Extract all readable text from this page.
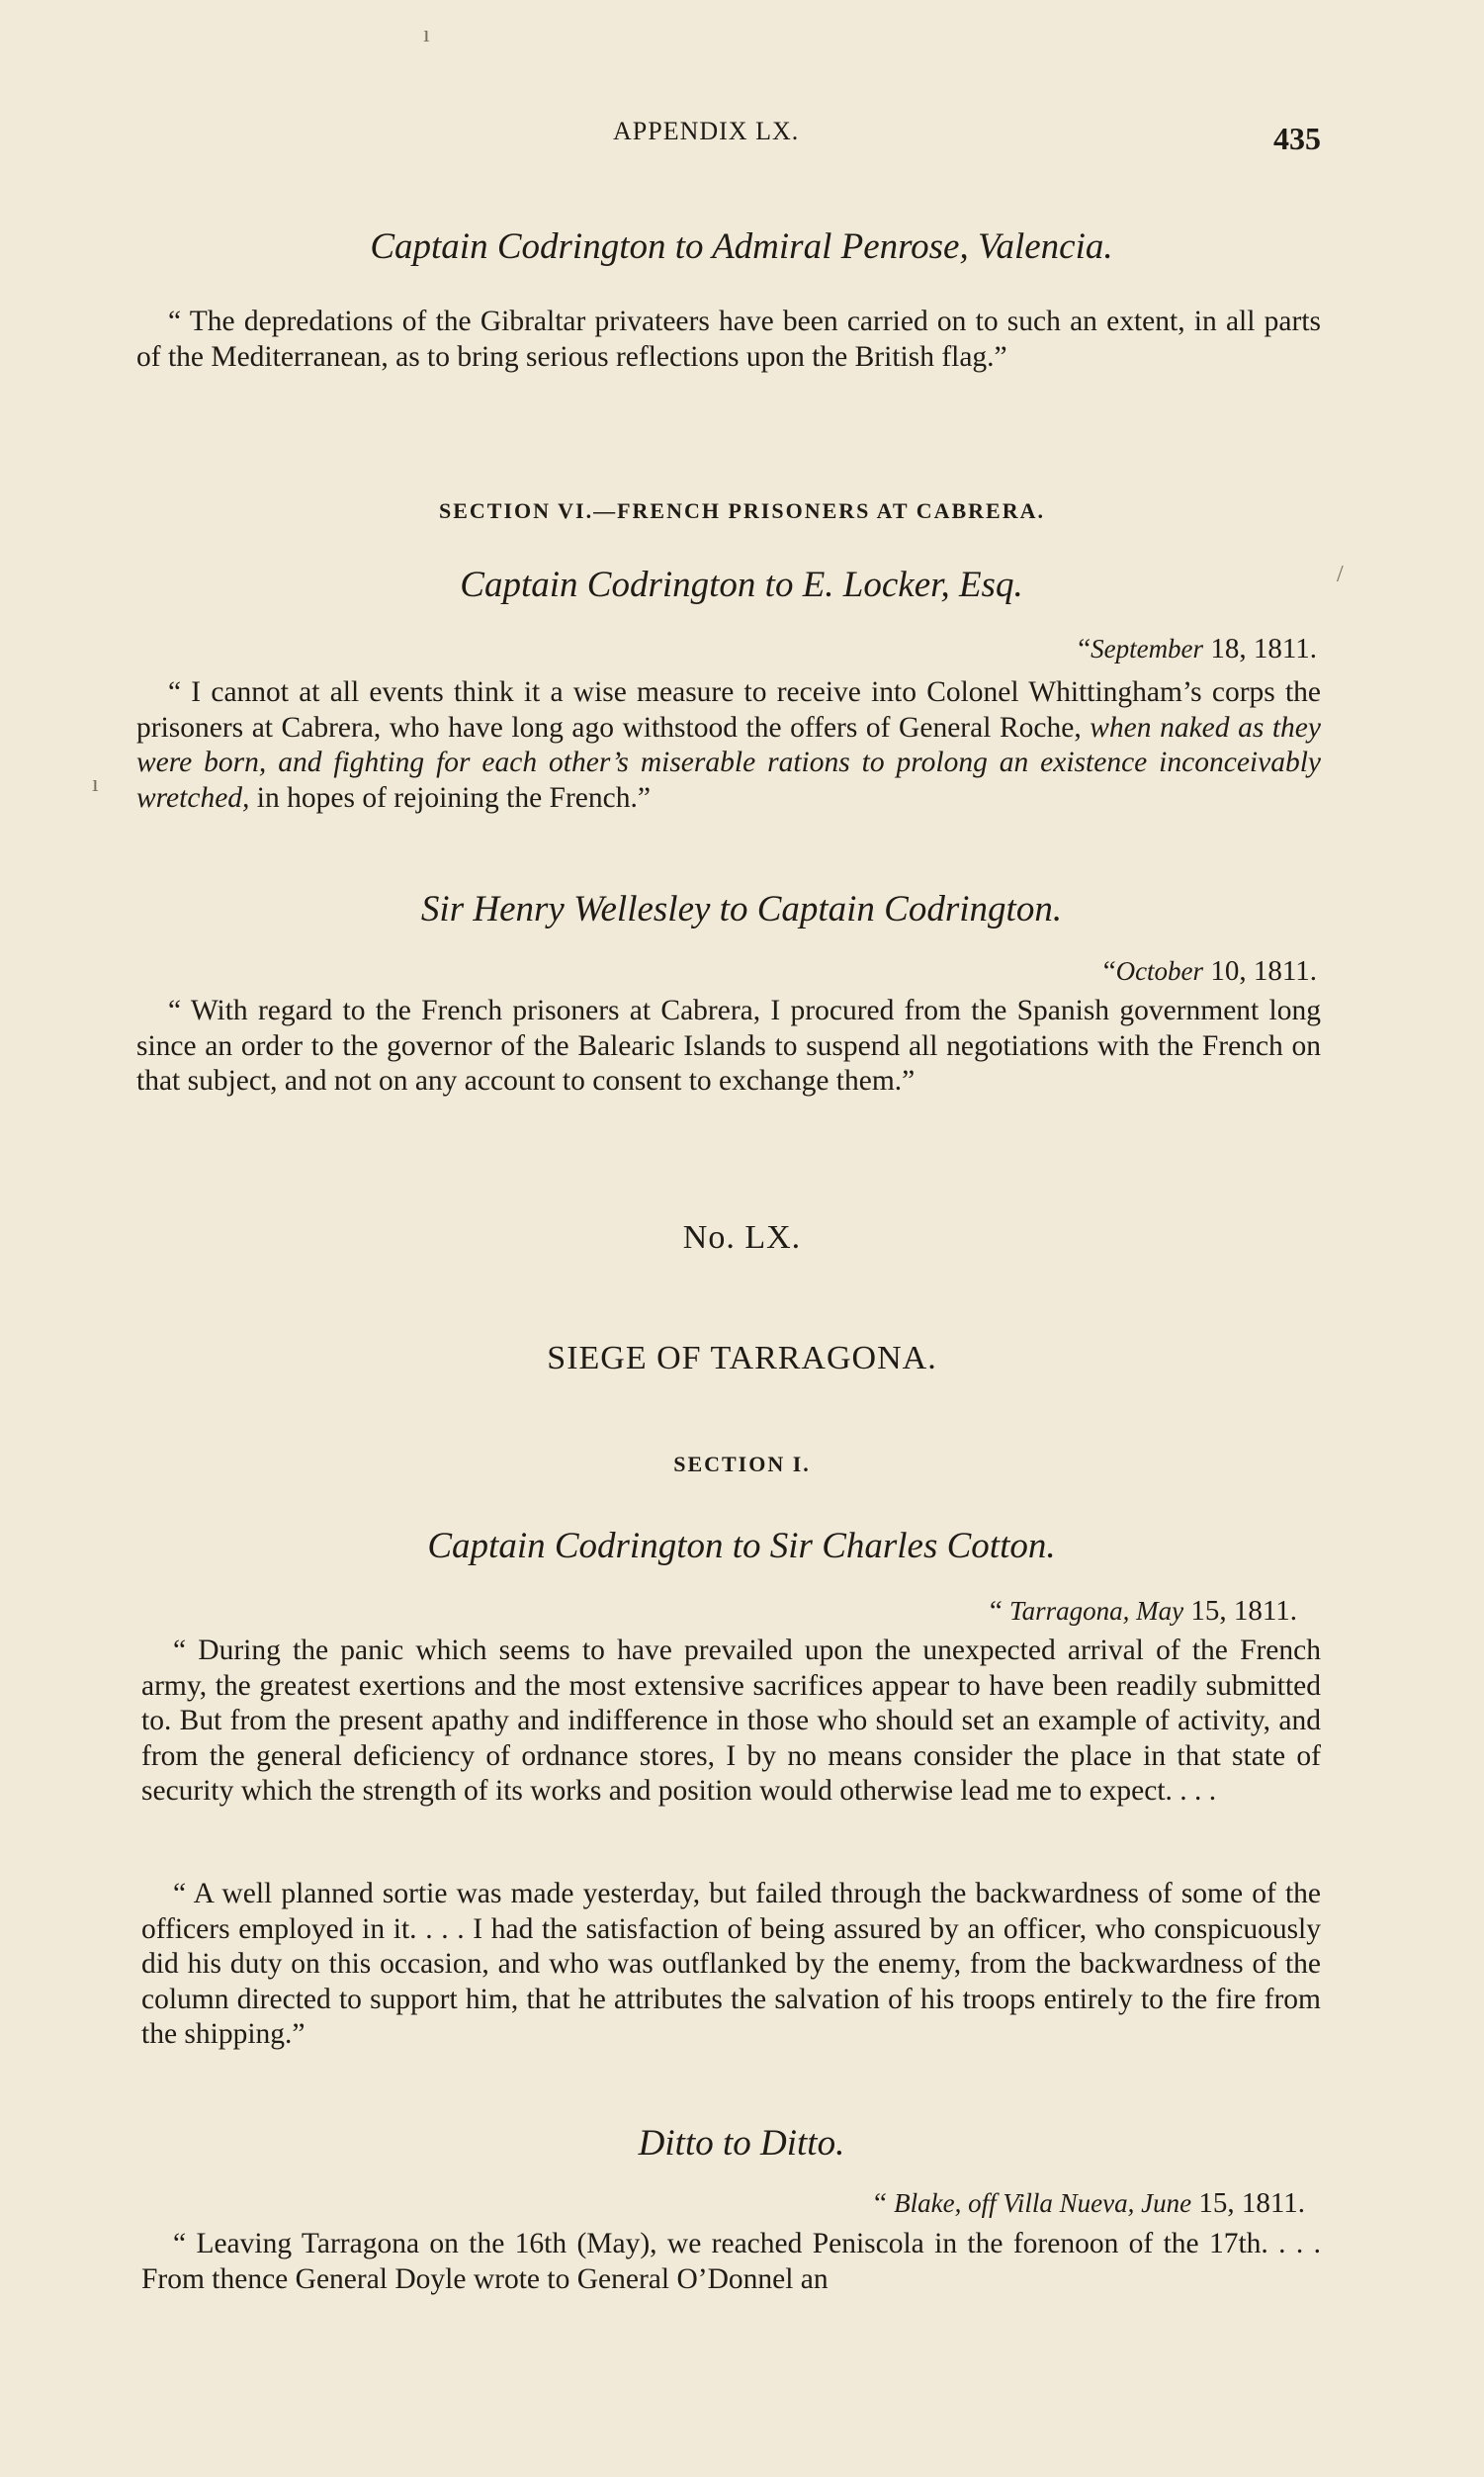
ı
/
ı
APPENDIX LX.	435

Captain Codrington to Admiral Penrose, Valencia.

“ The depredations of the Gibraltar privateers have been carried on to such an extent, in all parts of the Mediterranean, as to bring serious reflections upon the British flag.”

SECTION VI.—FRENCH PRISONERS AT CABRERA.

Captain Codrington to E. Locker, Esq.

“September 18, 1811.

“ I cannot at all events think it a wise measure to receive into Colonel Whittingham’s corps the prisoners at Cabrera, who have long ago withstood the offers of General Roche, when naked as they were born, and fighting for each other’s miserable rations to prolong an existence inconceivably wretched, in hopes of rejoining the French.”

Sir Henry Wellesley to Captain Codrington.

“October 10, 1811.

“ With regard to the French prisoners at Cabrera, I procured from the Spanish government long since an order to the governor of the Balearic Islands to suspend all negotiations with the French on that subject, and not on any account to consent to exchange them.”

No. LX.

SIEGE OF TARRAGONA.

SECTION I.

Captain Codrington to Sir Charles Cotton.

“ Tarragona, May 15, 1811.

“ During the panic which seems to have prevailed upon the unexpected arrival of the French army, the greatest exertions and the most extensive sacrifices appear to have been readily submitted to. But from the present apathy and indifference in those who should set an example of activity, and from the general deficiency of ordnance stores, I by no means consider the place in that state of security which the strength of its works and position would otherwise lead me to expect. . . .

“ A well planned sortie was made yesterday, but failed through the backwardness of some of the officers employed in it. . . . I had the satisfaction of being assured by an officer, who conspicuously did his duty on this occasion, and who was outflanked by the enemy, from the backwardness of the column directed to support him, that he attributes the salvation of his troops entirely to the fire from the shipping.”

Ditto to Ditto.

“ Blake, off Villa Nueva, June 15, 1811.

“ Leaving Tarragona on the 16th (May), we reached Peniscola in the forenoon of the 17th. . . . From thence General Doyle wrote to General O’Donnel an
